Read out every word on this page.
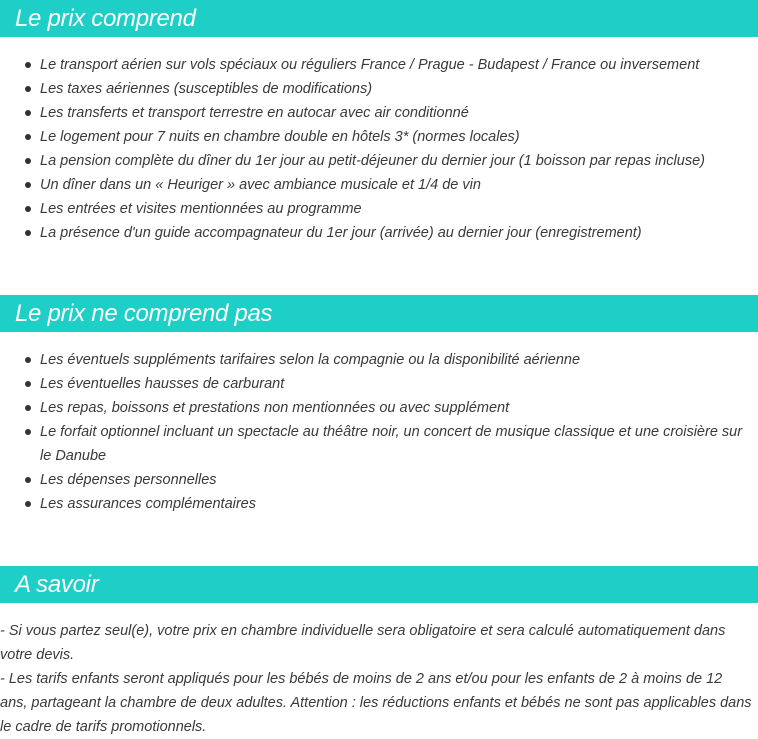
Le prix comprend
Le transport aérien sur vols spéciaux ou réguliers France / Prague - Budapest / France ou inversement
Les taxes aériennes (susceptibles de modifications)
Les transferts et transport terrestre en autocar avec air conditionné
Le logement pour 7 nuits en chambre double en hôtels 3* (normes locales)
La pension complète du dîner du 1er jour au petit-déjeuner du dernier jour (1 boisson par repas incluse)
Un dîner dans un « Heuriger » avec ambiance musicale et 1/4 de vin
Les entrées et visites mentionnées au programme
La présence d'un guide accompagnateur du 1er jour (arrivée) au dernier jour (enregistrement)
Le prix ne comprend pas
Les éventuels suppléments tarifaires selon la compagnie ou la disponibilité aérienne
Les éventuelles hausses de carburant
Les repas, boissons et prestations non mentionnées ou avec supplément
Le forfait optionnel incluant un spectacle au théâtre noir, un concert de musique classique et une croisière sur le Danube
Les dépenses personnelles
Les assurances complémentaires
A savoir

- Si vous partez seul(e), votre prix en chambre individuelle sera obligatoire et sera calculé automatiquement dans votre devis.

- Les tarifs enfants seront appliqués pour les bébés de moins de 2 ans et/ou pour les enfants de 2 à moins de 12 ans, partageant la chambre de deux adultes. Attention : les réductions enfants et bébés ne sont pas applicables dans le cadre de tarifs promotionnels.
